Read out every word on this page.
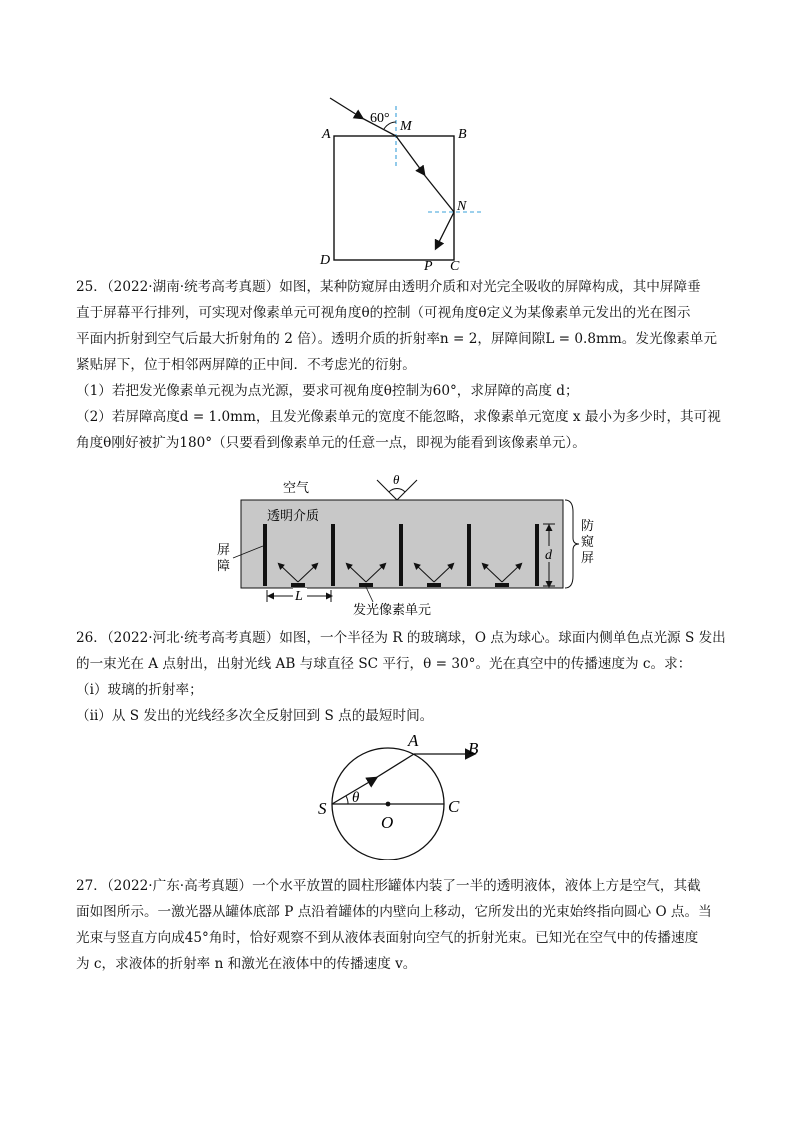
60°
A
M
B
N
D	P C
25．（2022·湖南·统考高考真题）如图，某种防窥屏由透明介质和对光完全吸收的屏障构成，其中屏障垂
直于屏幕平行排列，可实现对像素单元可视角度θ的控制（可视角度θ定义为某像素单元发出的光在图示
平面内折射到空气后最大折射角的 2 倍）。透明介质的折射率n = 2，屏障间隙L = 0.8mm。发光像素单元
紧贴屏下，位于相邻两屏障的正中间．不考虑光的衍射。
（1）若把发光像素单元视为点光源，要求可视角度θ控制为60°，求屏障的高度 d；
（2）若屏障高度d = 1.0mm，且发光像素单元的宽度不能忽略，求像素单元宽度 x 最小为多少时，其可视
角度θ刚好被扩为180°（只要看到像素单元的任意一点，即视为能看到该像素单元）。
空气
θ
透明介质
屏
障
d
防
窥
屏
L
发光像素单元
26．（2022·河北·统考高考真题）如图，一个半径为 R 的玻璃球，O 点为球心。球面内侧单色点光源 S 发出
的一束光在 A 点射出，出射光线 AB 与球直径 SC 平行，θ = 30°。光在真空中的传播速度为 c。求：
（i）玻璃的折射率；
（ii）从 S 发出的光线经多次全反射回到 S 点的最短时间。
θ
A	B
S	C
O
27．（2022·广东·高考真题）一个水平放置的圆柱形罐体内装了一半的透明液体，液体上方是空气，其截
面如图所示。一激光器从罐体底部 P 点沿着罐体的内壁向上移动，它所发出的光束始终指向圆心 O 点。当
光束与竖直方向成45°角时，恰好观察不到从液体表面射向空气的折射光束。已知光在空气中的传播速度
为 c，求液体的折射率 n 和激光在液体中的传播速度 v。
